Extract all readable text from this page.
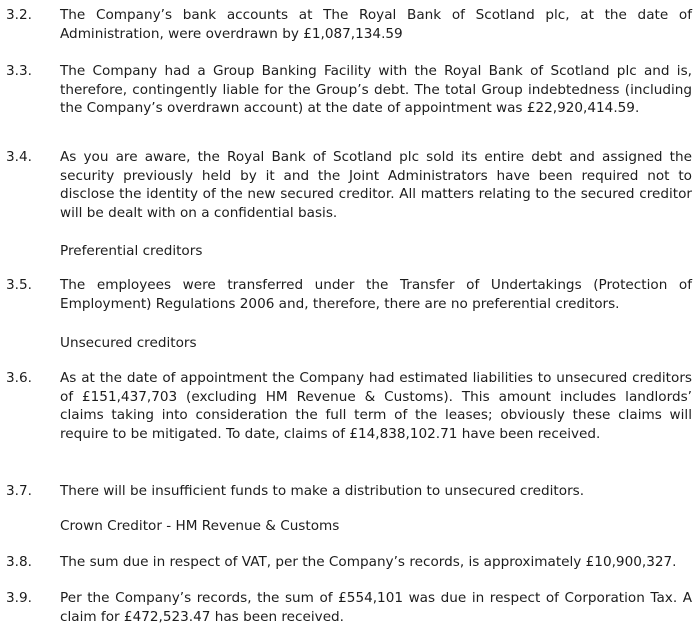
3.2.	The Company’s bank accounts at The Royal Bank of Scotland plc, at the date of Administration, were overdrawn by £1,087,134.59
3.3.	The Company had a Group Banking Facility with the Royal Bank of Scotland plc and is, therefore, contingently liable for the Group’s debt. The total Group indebtedness (including the Company’s overdrawn account) at the date of appointment was £22,920,414.59.
3.4.	As you are aware, the Royal Bank of Scotland plc sold its entire debt and assigned the security previously held by it and the Joint Administrators have been required not to disclose the identity of the new secured creditor. All matters relating to the secured creditor will be dealt with on a confidential basis.
Preferential creditors
3.5.	The employees were transferred under the Transfer of Undertakings (Protection of Employment) Regulations 2006 and, therefore, there are no preferential creditors.
Unsecured creditors
3.6.	As at the date of appointment the Company had estimated liabilities to unsecured creditors of £151,437,703 (excluding HM Revenue & Customs). This amount includes landlords’ claims taking into consideration the full term of the leases; obviously these claims will require to be mitigated. To date, claims of £14,838,102.71 have been received.
3.7.	There will be insufficient funds to make a distribution to unsecured creditors.
Crown Creditor - HM Revenue & Customs
3.8.	The sum due in respect of VAT, per the Company’s records, is approximately £10,900,327.
3.9.	Per the Company’s records, the sum of £554,101 was due in respect of Corporation Tax. A claim for £472,523.47 has been received.
